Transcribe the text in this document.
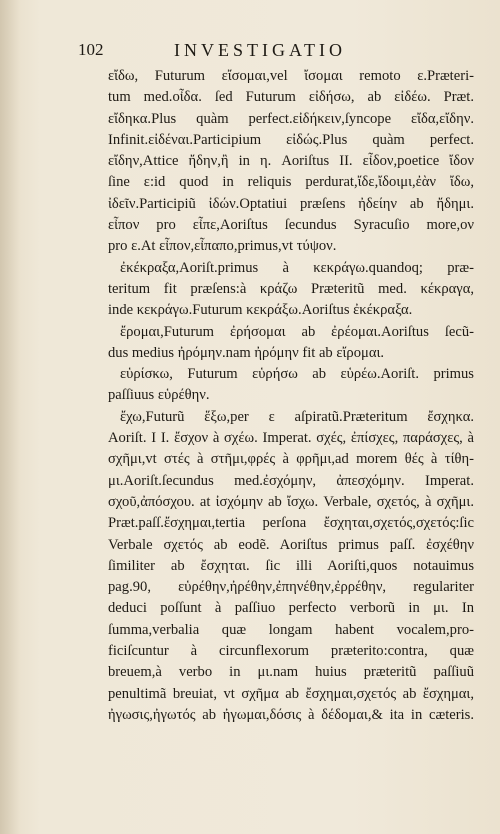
102	INVESTIGATIO
εἴδω, Futurum εἴσομαι,vel ἴσομαι remoto ε.Præteri-
tum med.οἶδα. ſed Futurum εἰδήσω, ab εἰδέω. Præt.
εἴδηκα.Plus quàm perfect.εἰδήκειν,ſyncope εἴδα,εἴδην.
Infinit.εἰδέναι.Participium εἰδώς.Plus quàm perfect.
εἴδην,Attice ἤδην,ἢ in η. Aoriſtus II. εἶδον,poetice ἴδον
ſine ε:id quod in reliquis perdurat,ἴδε,ἴδοιμι,ἐὰν ἴδω,
ἰδεῖν.Participiũ ἰδών.Optatiui præſens ἠδείην ab ἤδημι.
εἶπον pro εἶπε,Aoriſtus ſecundus Syracuſio more,ον
pro ε.At εἶπον,εἶπαπο,primus,vt τύψον.
ἐκέκραξα,Aoriſt.primus à κεκράγω.quandoq; præ-
teritum fit præſens:à κράζω Præteritũ med. κέκραγα,
inde κεκράγω.Futurum κεκράξω.Aoriſtus ἐκέκραξα.
ἔρομαι,Futurum ἐρήσομαι ab ἐρέομαι.Aoriſtus ſecũ-
dus medius ἠρόμην.nam ἠρόμην fit ab εἴρομαι.
εὑρίσκω, Futurum εὑρήσω ab εὑρέω.Aoriſt. primus
paſſiuus εὑρέθην.
ἔχω,Futurũ ἕξω,per ε aſpiratũ.Præteritum ἔσχηκα.
Aoriſt. I I. ἔσχον à σχέω. Imperat. σχές, ἐπίσχες, παράσχες, à
σχῆμι,vt στές à στῆμι,φρές à φρῆμι,ad morem θές à τίθη-
μι.Aoriſt.ſecundus med.ἐσχόμην, ἀπεσχόμην. Imperat.
σχοῦ,ἀπόσχου. at ἰσχόμην ab ἴσχω. Verbale, σχετός, à σχῆμι.
Præt.paſſ.ἔσχημαι,tertia perſona ἔσχηται,σχετός,σχετός:ſic
Verbale σχετός ab eodẽ. Aoriſtus primus paſſ. ἐσχέθην
ſimiliter ab ἔσχηται. ſic illi Aoriſti,quos notauimus
pag.90, εὑρέθην,ἠρέθην,ἐπηνέθην,ἐρρέθην, regulariter
deduci poſſunt à paſſiuo perfecto verborũ in μι. In
ſumma,verbalia quæ longam habent vocalem,pro-
ficiſcuntur à circunflexorum præterito:contra, quæ
breuem,à verbo in μι.nam huius præteritũ paſſiuũ
penultimã breuiat, vt σχῆμα ab ἔσχημαι,σχετός ab ἔσχημαι,
ἠγωσις,ἠγωτός ab ἠγωμαι,δόσις à δέδομαι,& ita in cæteris.
